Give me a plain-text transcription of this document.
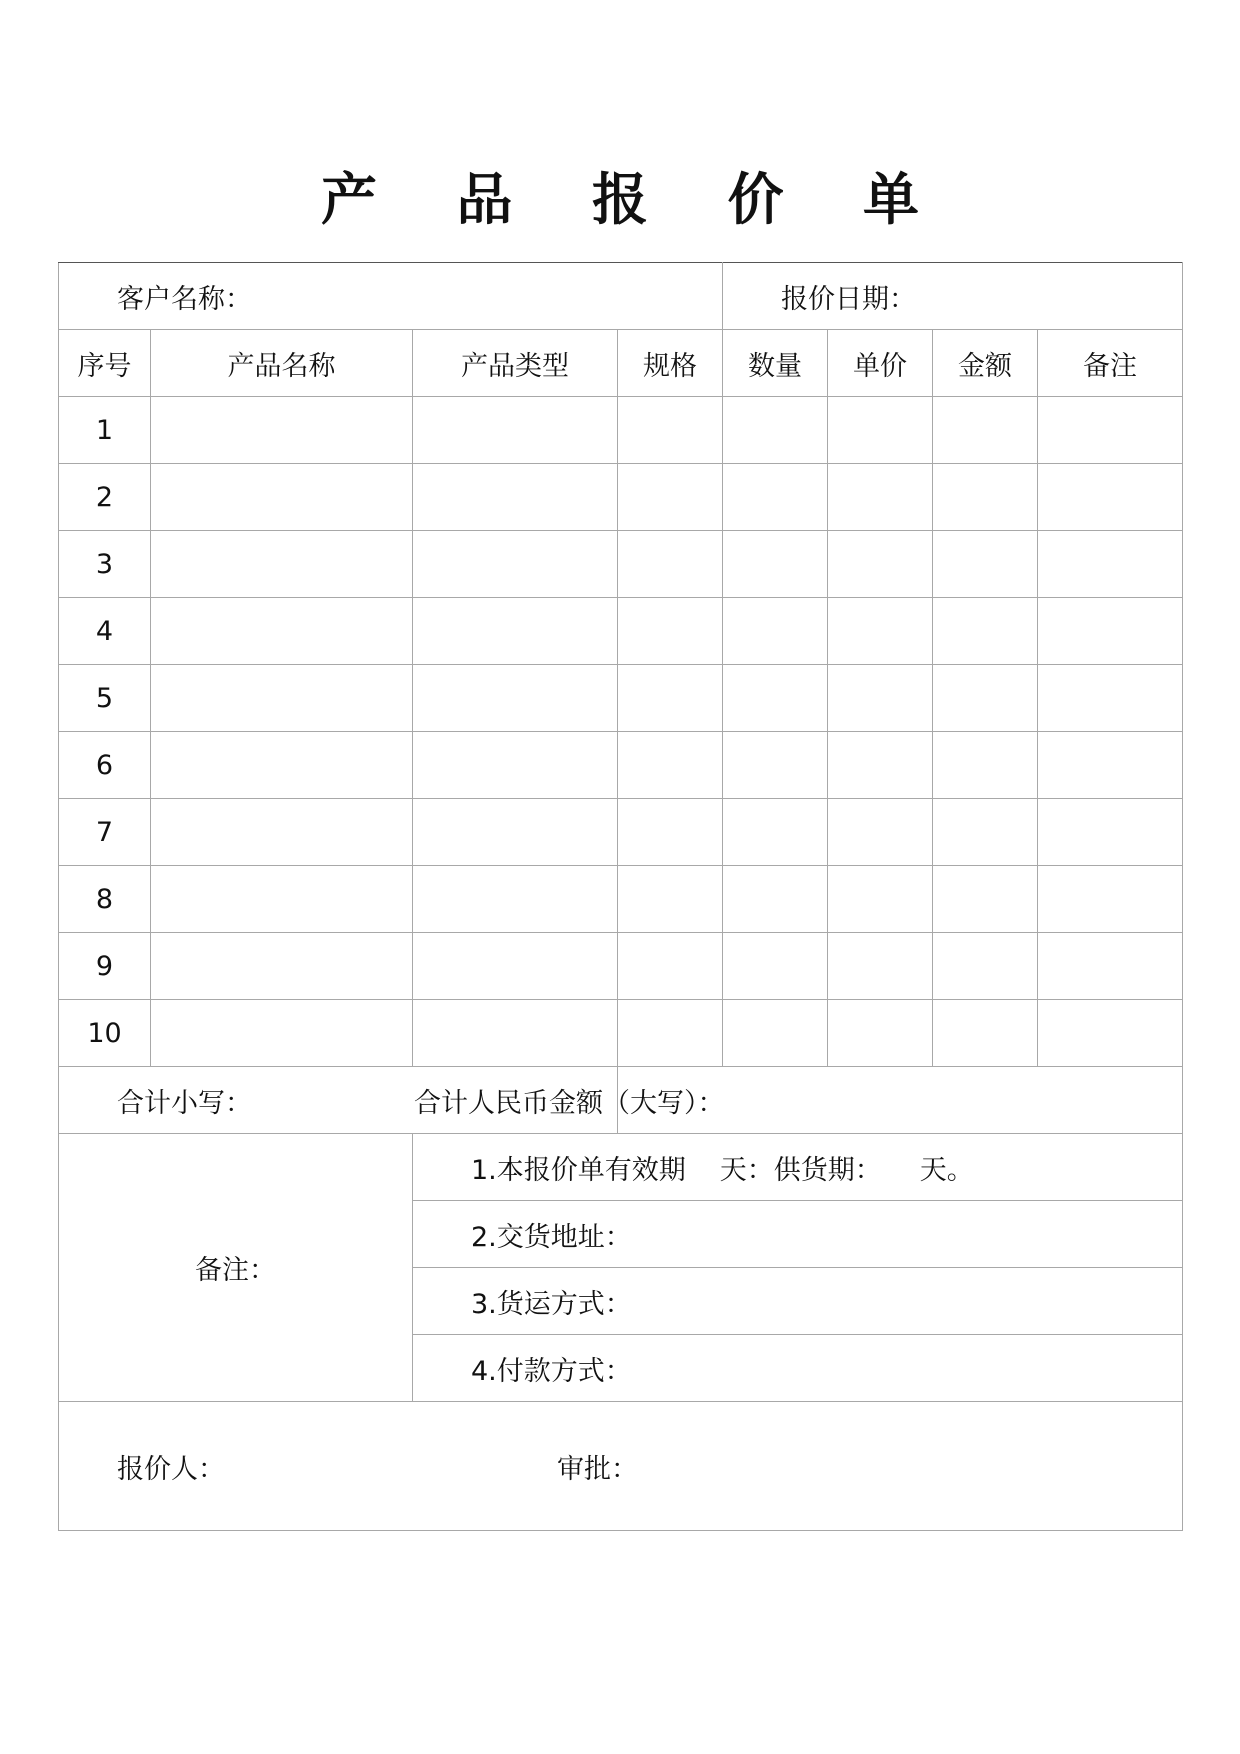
产 品 报 价 单
客户名称：				报价日期：			
序号	产品名称	产品类型	规格	数量	单价	金额	备注
1							
2							
3							
4							
5							
6							
7							
8							
9							
10							
合计小写： 合计人民币金额（大写）：							
备注：		1.本报价单有效期 天：供货期： 天。					
		2.交货地址：					
		3.货运方式：					
		4.付款方式：					
报价人： 审批：							
